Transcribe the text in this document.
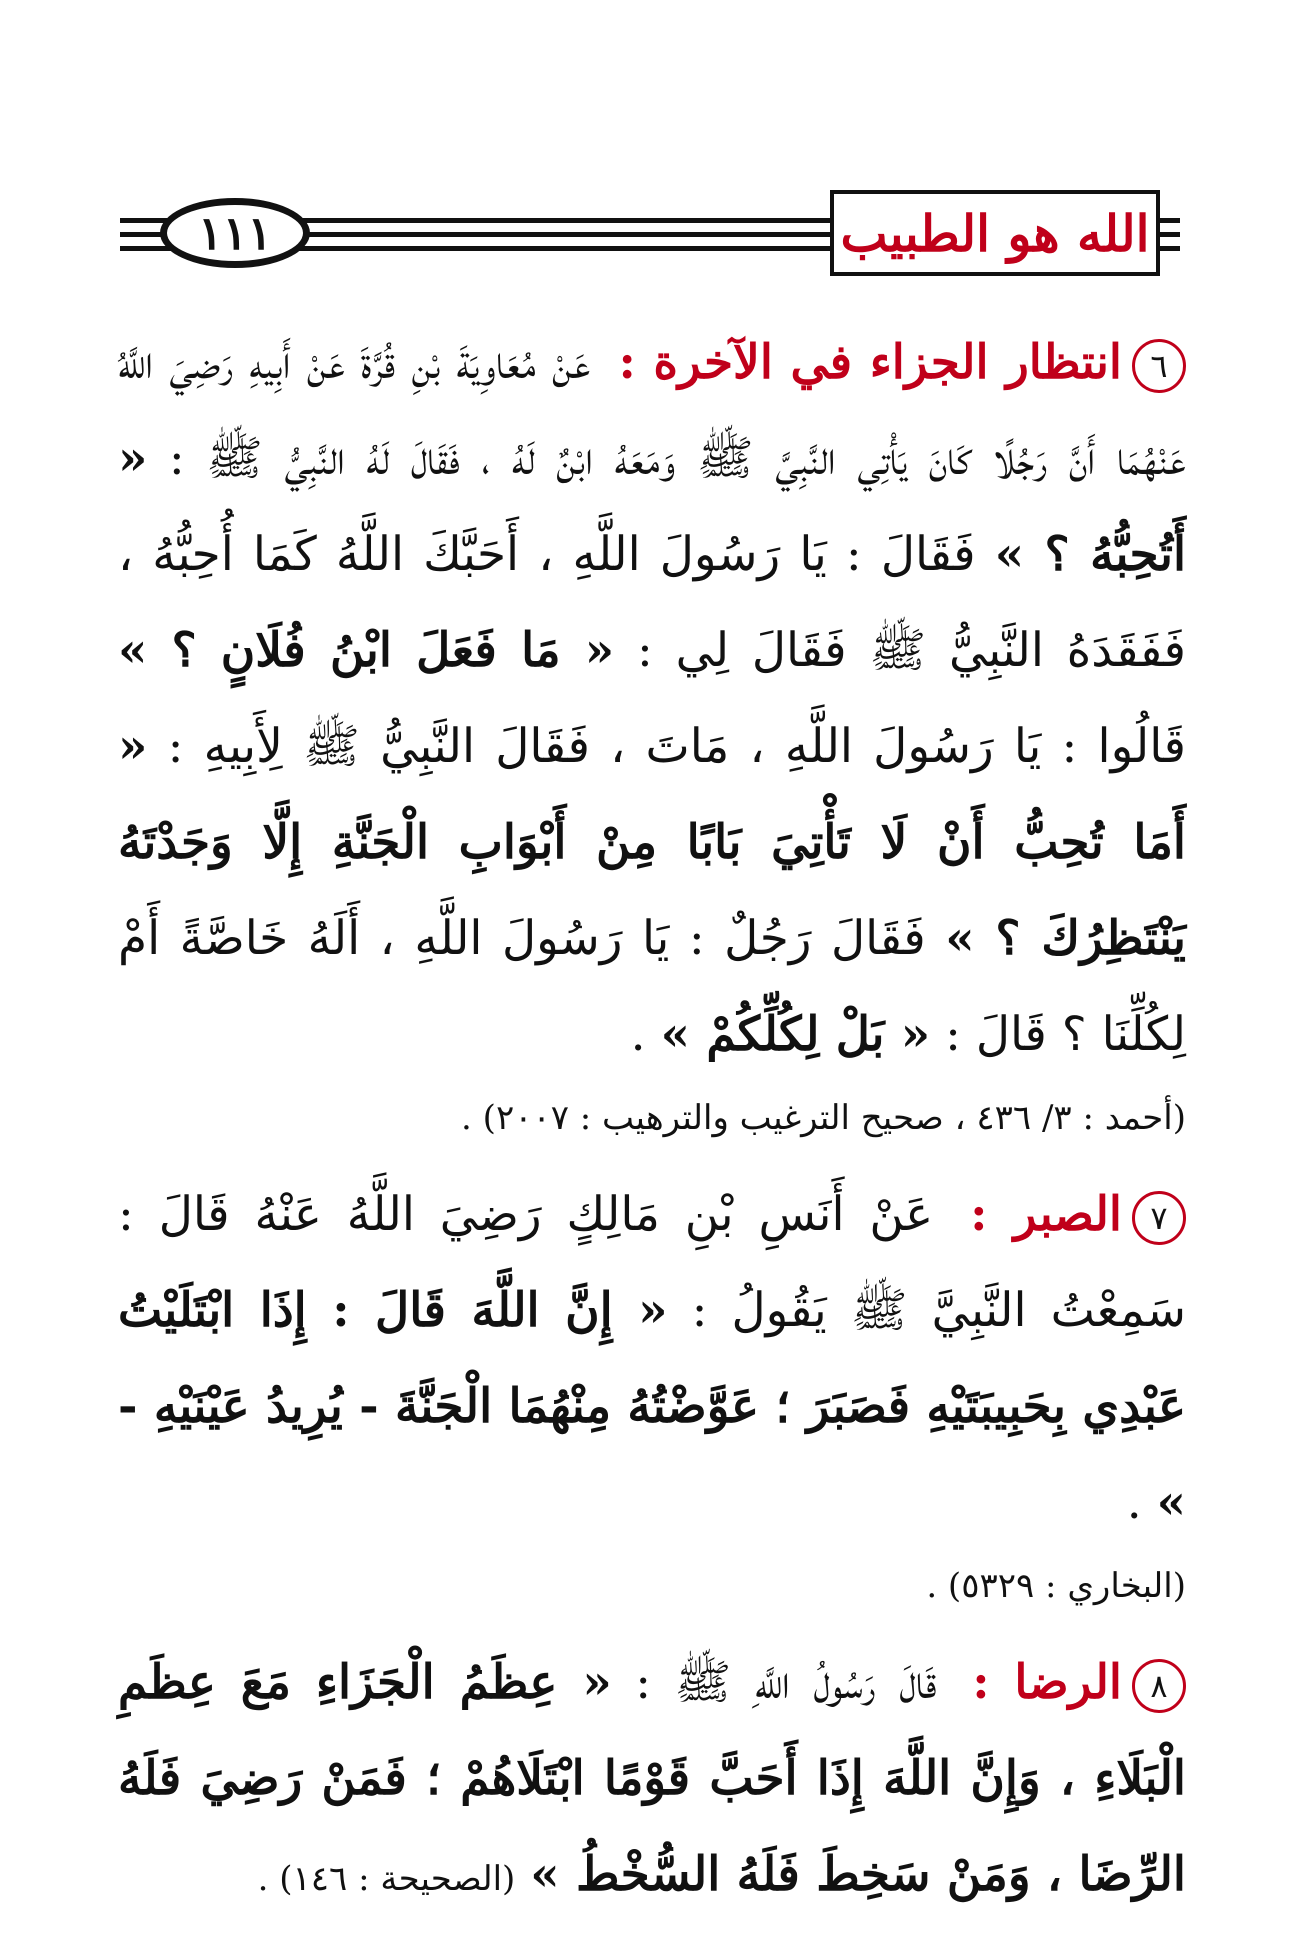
١١١	الله هو الطبيب

٦انتظار الجزاء في الآخرة : عَنْ مُعَاوِيَةَ بْنِ قُرَّةَ عَنْ أَبِيهِ رَضِيَ اللَّهُ عَنْهُمَا أَنَّ رَجُلًا كَانَ يَأْتِي النَّبِيَّ ﷺ وَمَعَهُ ابْنٌ لَهُ ، فَقَالَ لَهُ النَّبِيُّ ﷺ : « أَتُحِبُّهُ ؟ » فَقَالَ : يَا رَسُولَ اللَّهِ ، أَحَبَّكَ اللَّهُ كَمَا أُحِبُّهُ ، فَفَقَدَهُ النَّبِيُّ ﷺ فَقَالَ لِي : « مَا فَعَلَ ابْنُ فُلَانٍ ؟ » قَالُوا : يَا رَسُولَ اللَّهِ ، مَاتَ ، فَقَالَ النَّبِيُّ ﷺ لِأَبِيهِ : « أَمَا تُحِبُّ أَنْ لَا تَأْتِيَ بَابًا مِنْ أَبْوَابِ الْجَنَّةِ إِلَّا وَجَدْتَهُ يَنْتَظِرُكَ ؟ » فَقَالَ رَجُلٌ : يَا رَسُولَ اللَّهِ ، أَلَهُ خَاصَّةً أَمْ لِكُلِّنَا ؟ قَالَ : « بَلْ لِكُلِّكُمْ » .

(أحمد : ٣/ ٤٣٦ ، صحيح الترغيب والترهيب : ٢٠٠٧) .

٧الصبر : عَنْ أَنَسِ بْنِ مَالِكٍ رَضِيَ اللَّهُ عَنْهُ قَالَ : سَمِعْتُ النَّبِيَّ ﷺ يَقُولُ : « إِنَّ اللَّهَ قَالَ : إِذَا ابْتَلَيْتُ عَبْدِي بِحَبِيبَتَيْهِ فَصَبَرَ ؛ عَوَّضْتُهُ مِنْهُمَا الْجَنَّةَ - يُرِيدُ عَيْنَيْهِ - » .

(البخاري : ٥٣٢٩) .

٨الرضا : قَالَ رَسُولُ اللَّهِ ﷺ : « عِظَمُ الْجَزَاءِ مَعَ عِظَمِ الْبَلَاءِ ، وَإِنَّ اللَّهَ إِذَا أَحَبَّ قَوْمًا ابْتَلَاهُمْ ؛ فَمَنْ رَضِيَ فَلَهُ الرِّضَا ، وَمَنْ سَخِطَ فَلَهُ السُّخْطُ » (الصحيحة : ١٤٦) .
